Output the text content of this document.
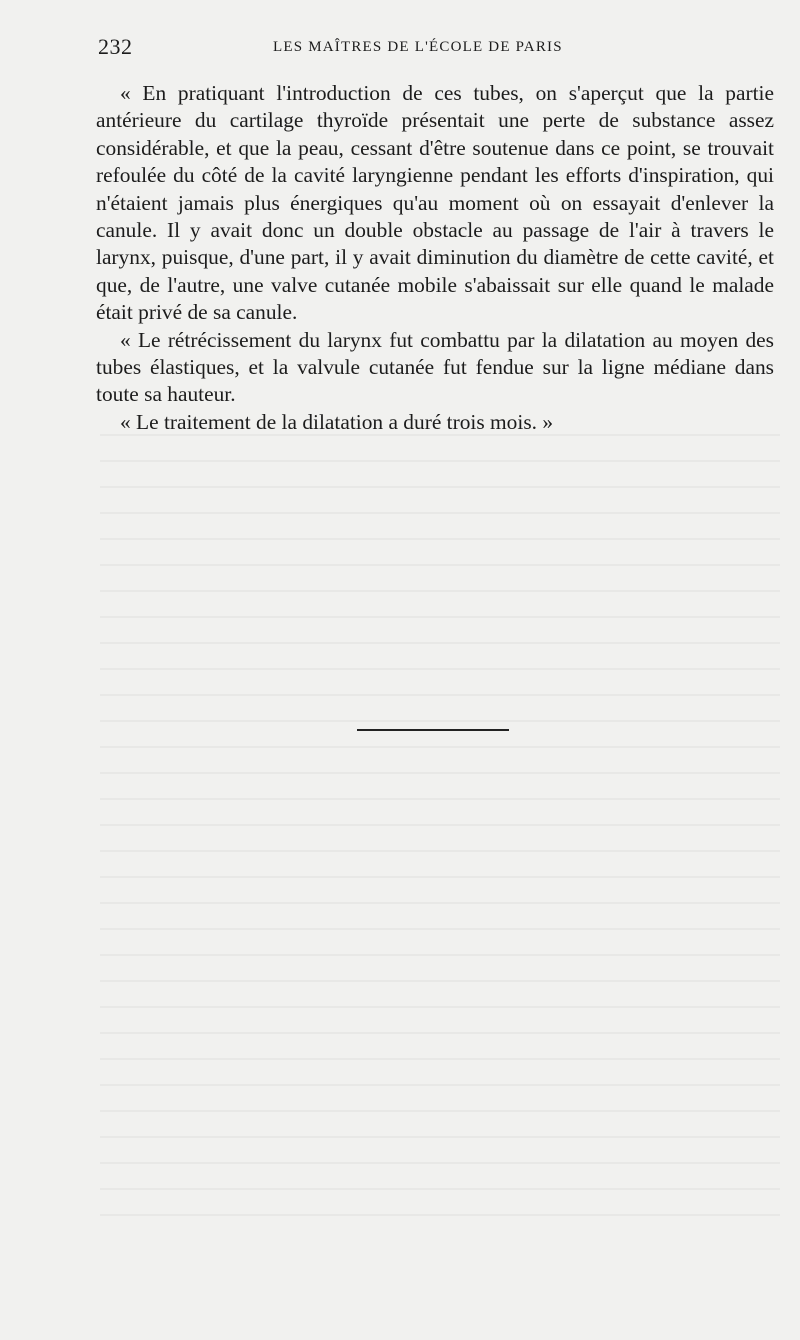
232	LES MAÎTRES DE L'ÉCOLE DE PARIS

« En pratiquant l'introduction de ces tubes, on s'aperçut que la partie antérieure du cartilage thyroïde présentait une perte de substance assez considérable, et que la peau, cessant d'être soutenue dans ce point, se trouvait refoulée du côté de la cavité laryngienne pendant les efforts d'inspiration, qui n'étaient jamais plus énergiques qu'au moment où on essayait d'enlever la canule. Il y avait donc un double obstacle au passage de l'air à travers le larynx, puisque, d'une part, il y avait diminution du diamètre de cette cavité, et que, de l'autre, une valve cutanée mobile s'abaissait sur elle quand le malade était privé de sa canule.

« Le rétrécissement du larynx fut combattu par la dilatation au moyen des tubes élastiques, et la valvule cutanée fut fendue sur la ligne médiane dans toute sa hauteur.

« Le traitement de la dilatation a duré trois mois. »
